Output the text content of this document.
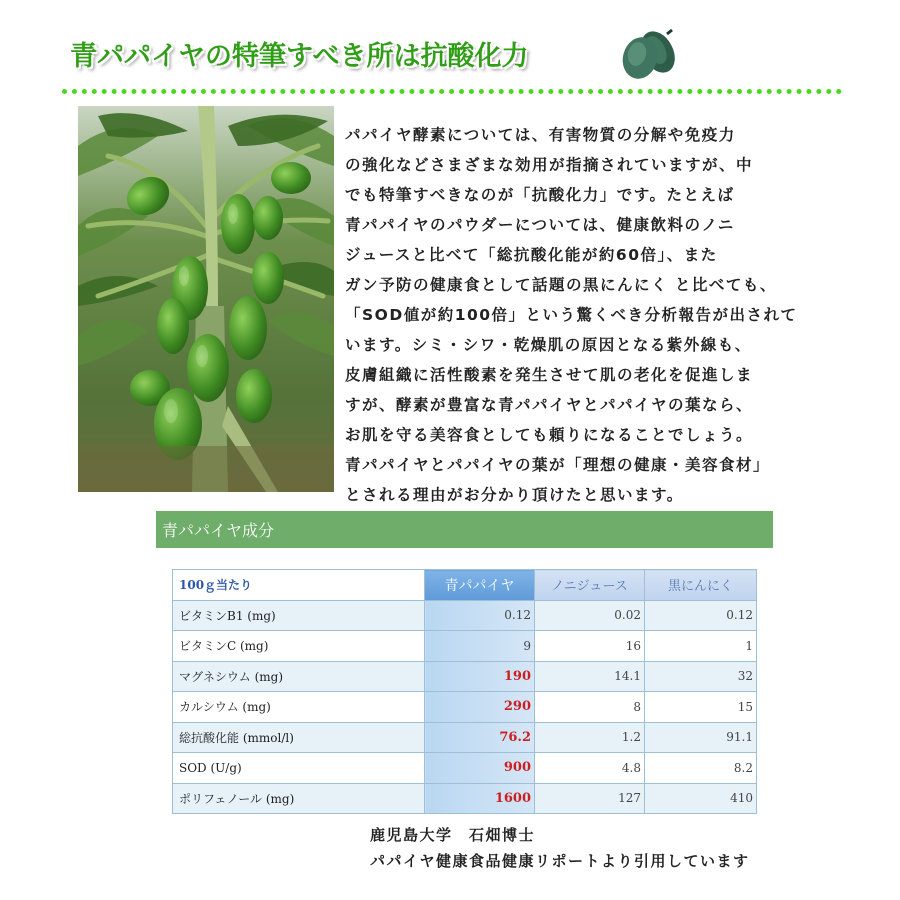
青パパイヤの特筆すべき所は抗酸化力
パパイヤ酵素については、有害物質の分解や免疫力
の強化などさまざまな効用が指摘されていますが、中
でも特筆すべきなのが「抗酸化力」です。たとえば
青パパイヤのパウダーについては、健康飲料のノニ
ジュースと比べて「総抗酸化能が約60倍」、また
ガン予防の健康食として話題の黒にんにく と比べても、
「SOD値が約100倍」という驚くべき分析報告が出されて
います。シミ・シワ・乾燥肌の原因となる紫外線も、
皮膚組織に活性酸素を発生させて肌の老化を促進しま
すが、酵素が豊富な青パパイヤとパパイヤの葉なら、
お肌を守る美容食としても頼りになることでしょう。
青パパイヤとパパイヤの葉が「理想の健康・美容食材」
とされる理由がお分かり頂けたと思います。
青パパイヤ成分
100ｇ当たり	青パパイヤ	ノニジュース	黒にんにく
ビタミンB1 (mg)	0.12	0.02	0.12
ビタミンC (mg)	9	16	1
マグネシウム (mg)	190	14.1	32
カルシウム (mg)	290	8	15
総抗酸化能 (mmol/l)	76.2	1.2	91.1
SOD (U/g)	900	4.8	8.2
ポリフェノール (mg)	1600	127	410
鹿児島大学　石畑博士
パパイヤ健康食品健康リポートより引用しています
